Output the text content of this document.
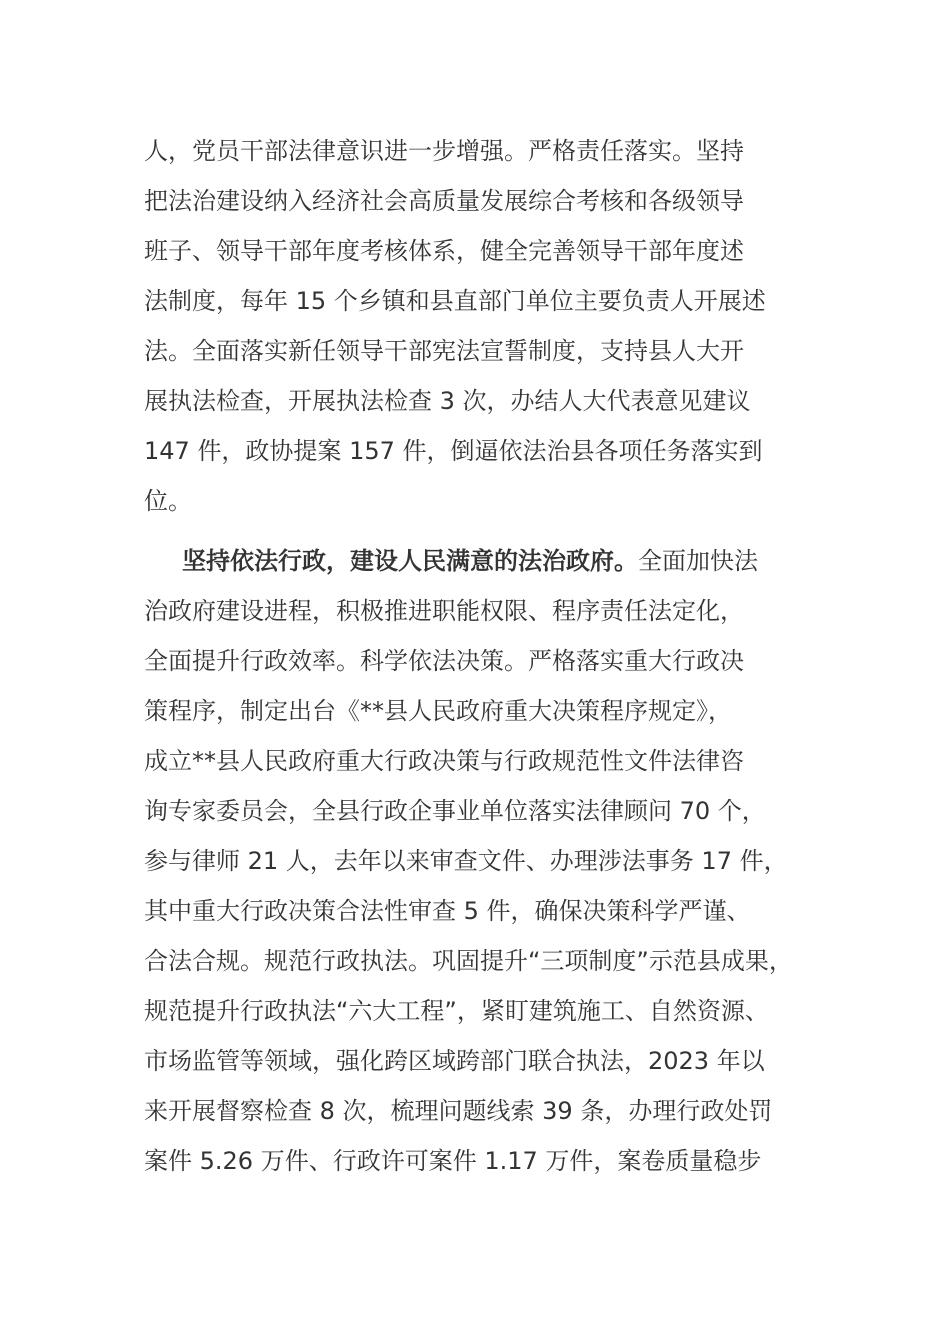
人，党员干部法律意识进一步增强。严格责任落实。坚持
把法治建设纳入经济社会高质量发展综合考核和各级领导
班子、领导干部年度考核体系，健全完善领导干部年度述
法制度，每年 15 个乡镇和县直部门单位主要负责人开展述
法。全面落实新任领导干部宪法宣誓制度，支持县人大开
展执法检查，开展执法检查 3 次，办结人大代表意见建议
147 件，政协提案 157 件，倒逼依法治县各项任务落实到
位。
坚持依法行政，建设人民满意的法治政府。全面加快法
治政府建设进程，积极推进职能权限、程序责任法定化，
全面提升行政效率。科学依法决策。严格落实重大行政决
策程序，制定出台《**县人民政府重大决策程序规定》，
成立**县人民政府重大行政决策与行政规范性文件法律咨
询专家委员会，全县行政企事业单位落实法律顾问 70 个，
参与律师 21 人，去年以来审查文件、办理涉法事务 17 件，
其中重大行政决策合法性审查 5 件，确保决策科学严谨、
合法合规。规范行政执法。巩固提升“三项制度”示范县成果，
规范提升行政执法“六大工程”，紧盯建筑施工、自然资源、
市场监管等领域，强化跨区域跨部门联合执法，2023 年以
来开展督察检查 8 次，梳理问题线索 39 条，办理行政处罚
案件 5.26 万件、行政许可案件 1.17 万件，案卷质量稳步
